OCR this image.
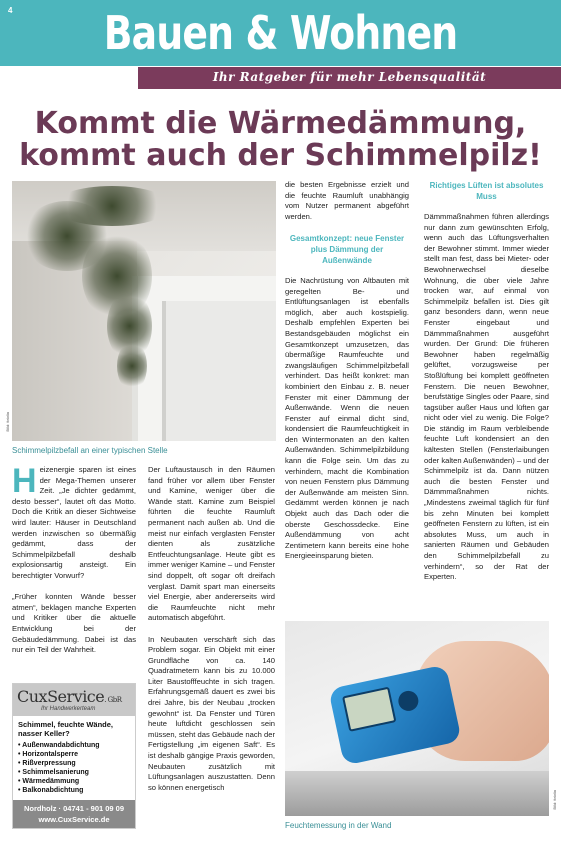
4	Bauen & Wohnen
Ihr Ratgeber für mehr Lebensqualität
Kommt die Wärmedämmung,
kommt auch der Schimmelpilz!
Bild: fotolia
Schimmelpilzbefall an einer typischen Stelle

H eizenergie sparen ist eines der Mega-Themen unserer Zeit. „Je dichter gedämmt, desto besser“, lautet oft das Motto. Doch die Kritik an dieser Sichtweise wird lauter: Häuser in Deutschland werden inzwischen so übermäßig gedämmt, dass der Schimmelpilzbefall deshalb explosionsartig ansteigt. Ein berechtigter Vorwurf?

„Früher konnten Wände besser atmen“, beklagen manche Experten und Kritiker über die aktuelle Entwicklung bei der Gebäudedämmung. Dabei ist das nur ein Teil der Wahrheit.

CuxService. GbR
Ihr Handwerkerteam
Schimmel, feuchte Wände, nasser Keller?
• Außenwandabdichtung
• Horizontalsperre
• Rißverpressung
• Schimmelsanierung
• Wärmedämmung
• Balkonabdichtung
Nordholz · 04741 - 901 09 09
www.CuxService.de

Der Luftaustausch in den Räumen fand früher vor allem über Fenster und Kamine, weniger über die Wände statt. Kamine zum Beispiel führten die feuchte Raumluft permanent nach außen ab. Und die meist nur einfach verglasten Fenster dienten als zusätzliche Entfeuchtungsanlage. Heute gibt es immer weniger Kamine – und Fenster sind doppelt, oft sogar oft dreifach verglast. Damit spart man einerseits viel Energie, aber andererseits wird die Raumfeuchte nicht mehr automatisch abgeführt.

In Neubauten verschärft sich das Problem sogar. Ein Objekt mit einer Grundfläche von ca. 140 Quadratmetern kann bis zu 10.000 Liter Baustofffeuchte in sich tragen. Erfahrungsgemäß dauert es zwei bis drei Jahre, bis der Neubau „trocken gewohnt“ ist. Da Fenster und Türen heute luftdicht geschlossen sein müssen, steht das Gebäude nach der Fertigstellung „im eigenen Saft“. Es ist deshalb gängige Praxis geworden, Neubauten zusätzlich mit Lüftungsanlagen auszustatten. Denn so können energetisch

die besten Ergebnisse erzielt und die feuchte Raumluft unabhängig vom Nutzer permanent abgeführt werden.

Gesamtkonzept: neue Fenster plus Dämmung der Außenwände

Die Nachrüstung von Altbauten mit geregelten Be- und Entlüftungsanlagen ist ebenfalls möglich, aber auch kostspielig. Deshalb empfehlen Experten bei Bestandsgebäuden möglichst ein Gesamtkonzept umzusetzen, das übermäßige Raumfeuchte und zwangsläufigen Schimmelpilzbefall verhindert. Das heißt konkret: man kombiniert den Einbau z. B. neuer Fenster mit einer Dämmung der Außenwände. Wenn die neuen Fenster auf einmal dicht sind, kondensiert die Raumfeuchtigkeit in den Wintermonaten an den kalten Außenwänden. Schimmelpilzbildung kann die Folge sein. Um das zu verhindern, macht die Kombination von neuen Fenstern plus Dämmung der Außenwände am meisten Sinn. Gedämmt werden können je nach Objekt auch das Dach oder die oberste Geschossdecke. Eine Außendämmung von acht Zentimetern kann bereits eine hohe Energieeinsparung bieten.

Richtiges Lüften ist absolutes Muss

Dämmmaßnahmen führen allerdings nur dann zum gewünschten Erfolg, wenn auch das Lüftungsverhalten der Bewohner stimmt. Immer wieder stellt man fest, dass bei Mieter- oder Bewohnerwechsel dieselbe Wohnung, die über viele Jahre trocken war, auf einmal von Schimmelpilz befallen ist. Dies gilt ganz besonders dann, wenn neue Fenster eingebaut und Dämmmaßnahmen ausgeführt wurden. Der Grund: Die früheren Bewohner haben regelmäßig gelüftet, vorzugsweise per Stoßlüftung bei komplett geöffneten Fenstern. Die neuen Bewohner, berufstätige Singles oder Paare, sind tagsüber außer Haus und lüften gar nicht oder viel zu wenig. Die Folge? Die ständig im Raum verbleibende feuchte Luft kondensiert an den kältesten Stellen (Fensterlaibungen oder kalten Außenwänden) – und der Schimmelpilz ist da. Dann nützen auch die besten Fenster und Dämmmaßnahmen nichts. „Mindestens zweimal täglich für fünf bis zehn Minuten bei komplett geöffneten Fenstern zu lüften, ist ein absolutes Muss, um auch in sanierten Räumen und Gebäuden den Schimmelpilzbefall zu verhindern“, so der Rat der Experten.

Bild: fotolia
Feuchtemessung in der Wand
